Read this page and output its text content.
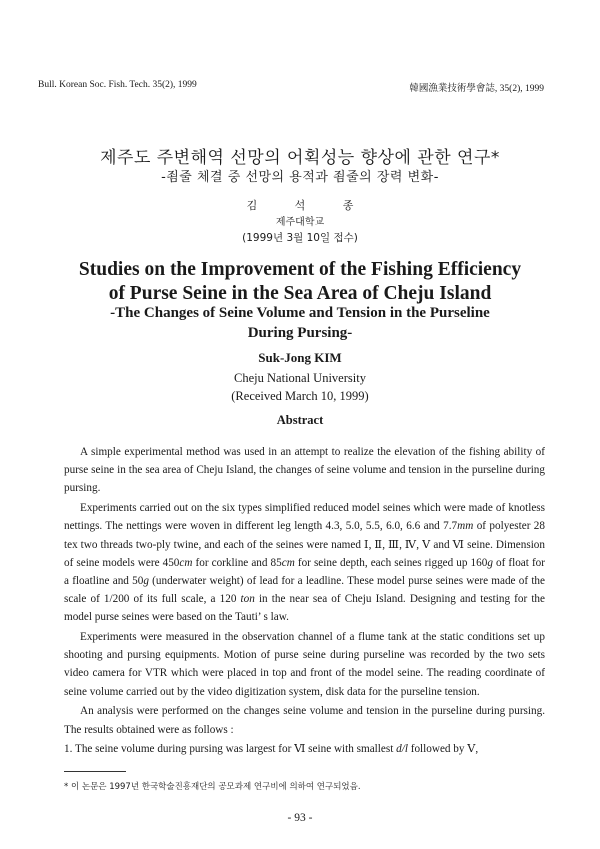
Bull. Korean Soc. Fish. Tech. 35(2), 1999	韓國漁業技術學會誌, 35(2), 1999
제주도 주변해역 선망의 어획성능 향상에 관한 연구*
-죔줄 체결 중 선망의 용적과 죔줄의 장력 변화-
김 석 종
제주대학교
(1999년 3월 10일 접수)
Studies on the Improvement of the Fishing Efficiency
of Purse Seine in the Sea Area of Cheju Island
-The Changes of Seine Volume and Tension in the Purseline
During Pursing-
Suk-Jong KIM
Cheju National University
(Received March 10, 1999)
Abstract

A simple experimental method was used in an attempt to realize the elevation of the fishing ability of purse seine in the sea area of Cheju Island, the changes of seine volume and tension in the purseline during pursing.

Experiments carried out on the six types simplified reduced model seines which were made of knotless nettings. The nettings were woven in different leg length 4.3, 5.0, 5.5, 6.0, 6.6 and 7.7mm of polyester 28 tex two threads two-ply twine, and each of the seines were named Ⅰ, Ⅱ, Ⅲ, Ⅳ, Ⅴ and Ⅵ seine. Dimension of seine models were 450cm for corkline and 85cm for seine depth, each seines rigged up 160g of float for a floatline and 50g (underwater weight) of lead for a leadline. These model purse seines were made of the scale of 1/200 of its full scale, a 120 ton in the near sea of Cheju Island. Designing and testing for the model purse seines were based on the Tauti’ s law.

Experiments were measured in the observation channel of a flume tank at the static conditions set up shooting and pursing equipments. Motion of purse seine during purseline was recorded by the two sets video camera for VTR which were placed in top and front of the model seine. The reading coordinate of seine volume carried out by the video digitization system, disk data for the purseline tension.

An analysis were performed on the changes seine volume and tension in the purseline during pursing. The results obtained were as follows :

1. The seine volume during pursing was largest for Ⅵ seine with smallest d/l followed by Ⅴ,

* 이 논문은 1997년 한국학술진흥재단의 공모과제 연구비에 의하여 연구되었음.
- 93 -
